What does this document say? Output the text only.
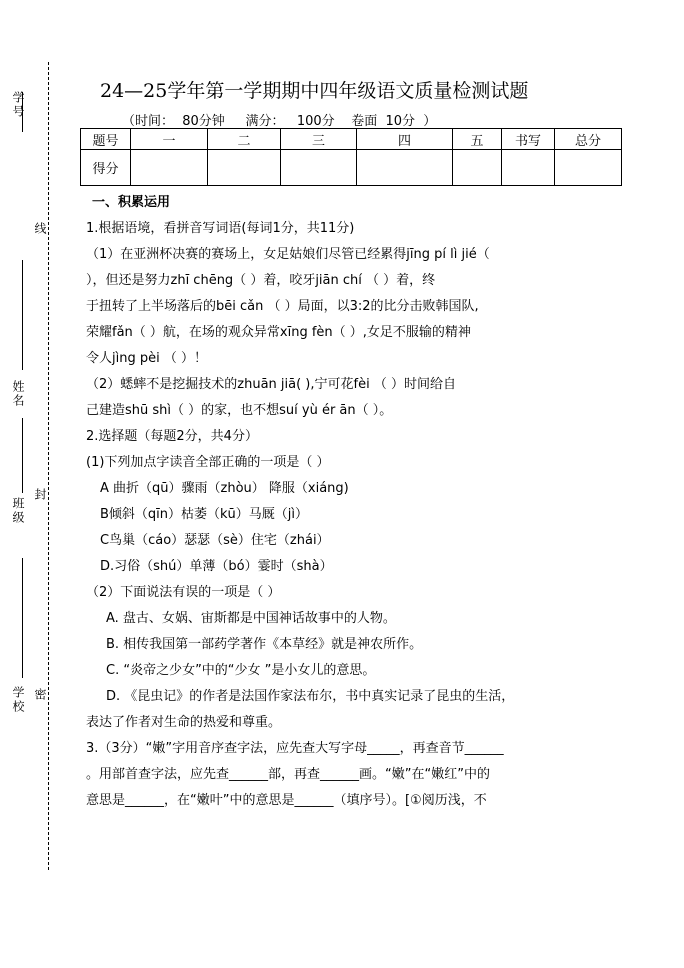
学号
线
姓名
班级
封
学校 密
24—25学年第一学期期中四年级语文质量检测试题
（时间：  80分钟     满分：   100分    卷面  10分  ）
题号	一	二	三	四	五	书写	总分
得分							
一、积累运用
1.根据语境，看拼音写词语(每词1分，共11分)
（1）在亚洲杯决赛的赛场上，女足姑娘们尽管已经累得jīng pí lì jié（
），但还是努力zhī chēng（ ）着，咬牙jiān chí （ ）着，终
于扭转了上半场落后的bēi cǎn （ ）局面，以3:2的比分击败韩国队,
荣耀fǎn（ ）航，在场的观众异常xīng fèn（ ）,女足不服输的精神
令人jìng pèi （ ）！
（2）蟋蟀不是挖掘技术的zhuān jiā( ),宁可花fèi （ ）时间给自
己建造shū shì（ ）的家，也不想suí yù ér ān（ ）。
2.选择题（每题2分，共4分）
(1)下列加点字读音全部正确的一项是（ ）
A 曲折（qū）骤雨（zhòu） 降服（xiáng)
B倾斜（qīn）枯萎（kū）马厩（jì）
C鸟巢（cáo）瑟瑟（sè）住宅（zhái）
D.习俗（shú）单薄（bó）霎时（shà）
（2）下面说法有误的一项是（ ）
A. 盘古、女娲、宙斯都是中国神话故事中的人物。
B. 相传我国第一部药学著作《本草经》就是神农所作。
C. “炎帝之少女”中的“少女 ”是小女儿的意思。
D. 《昆虫记》的作者是法国作家法布尔，书中真实记录了昆虫的生活，
表达了作者对生命的热爱和尊重。
3.（3分）“嫩”字用音序查字法，应先查大写字母_____，再查音节______
。用部首查字法，应先查______部，再查______画。“嫩”在“嫩红”中的
意思是______，在“嫩叶”中的意思是______（填序号）。[①阅历浅，不
